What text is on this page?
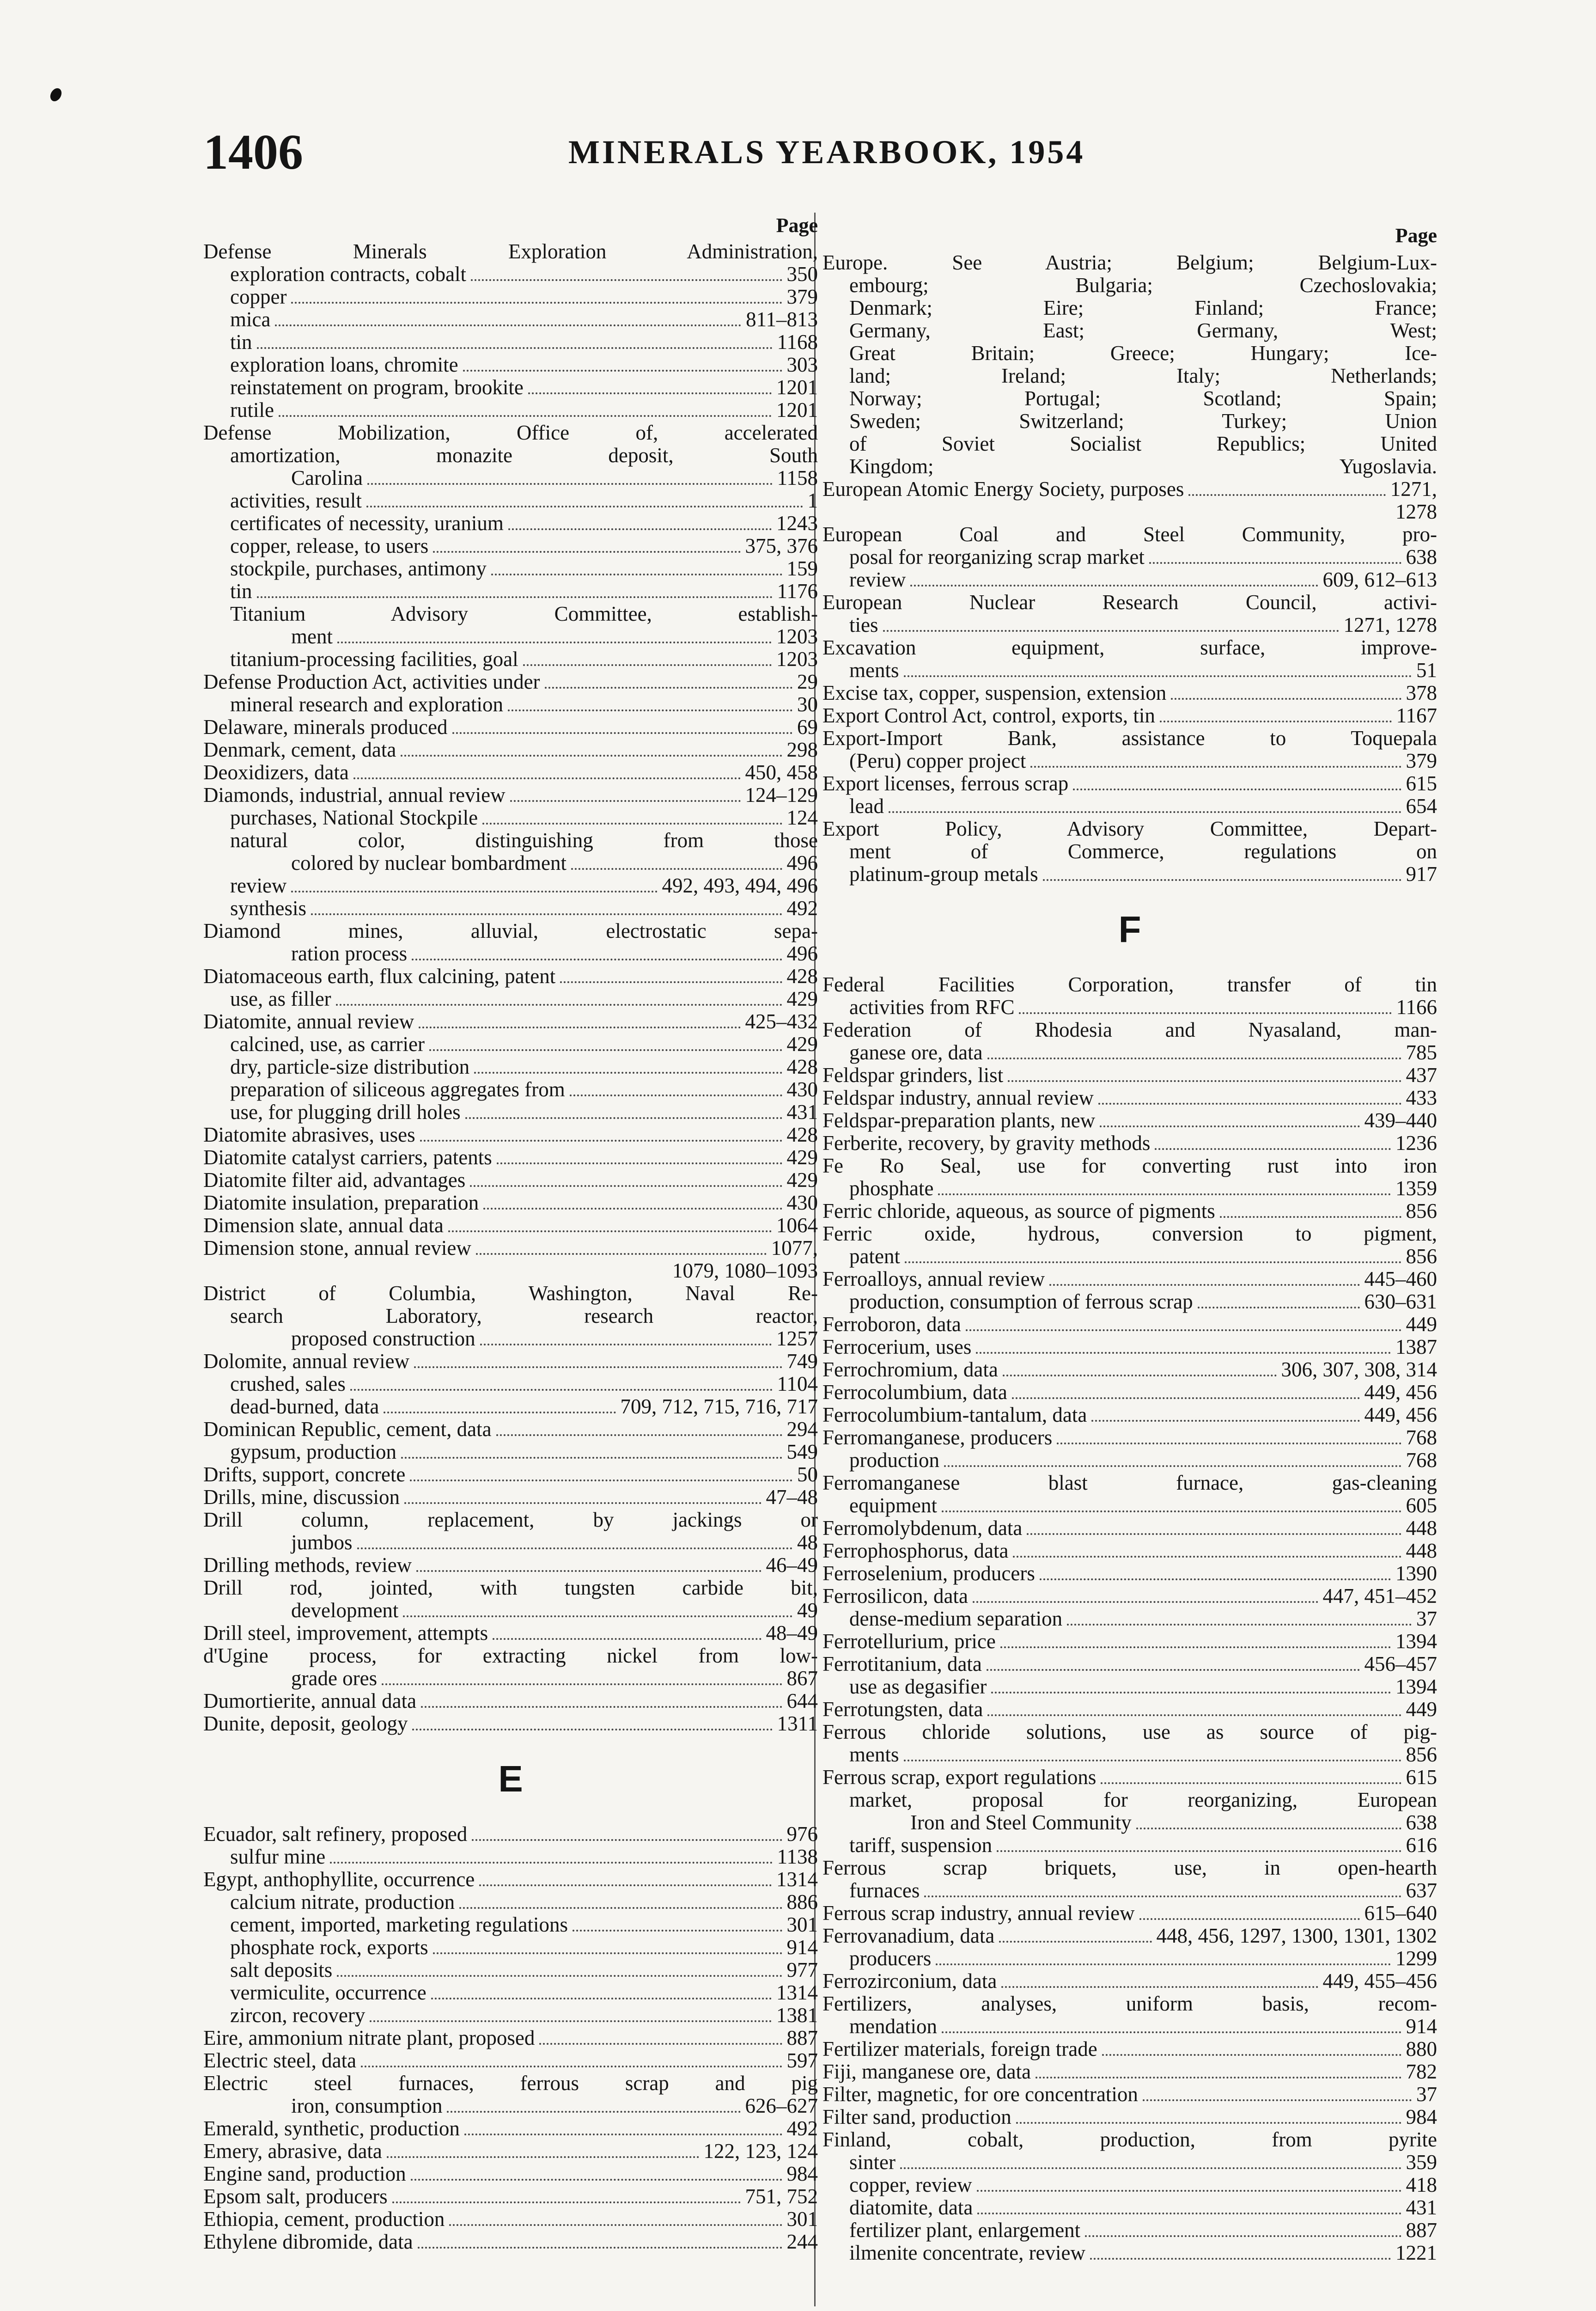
1406	MINERALS YEARBOOK, 1954
Page
Defense Minerals Exploration Administration,
exploration contracts, cobalt	350
copper	379
mica	811–813
tin	1168
exploration loans, chromite	303
reinstatement on program, brookite	1201
rutile	1201
Defense Mobilization, Office of, accelerated
amortization, monazite deposit, South
Carolina	1158
activities, result	1
certificates of necessity, uranium	1243
copper, release, to users	375, 376
stockpile, purchases, antimony	159
tin	1176
Titanium Advisory Committee, establish-
ment	1203
titanium-processing facilities, goal	1203
Defense Production Act, activities under	29
mineral research and exploration	30
Delaware, minerals produced	69
Denmark, cement, data	298
Deoxidizers, data	450, 458
Diamonds, industrial, annual review	124–129
purchases, National Stockpile	124
natural color, distinguishing from those
colored by nuclear bombardment	496
review	492, 493, 494, 496
synthesis	492
Diamond mines, alluvial, electrostatic sepa-
ration process	496
Diatomaceous earth, flux calcining, patent	428
use, as filler	429
Diatomite, annual review	425–432
calcined, use, as carrier	429
dry, particle-size distribution	428
preparation of siliceous aggregates from	430
use, for plugging drill holes	431
Diatomite abrasives, uses	428
Diatomite catalyst carriers, patents	429
Diatomite filter aid, advantages	429
Diatomite insulation, preparation	430
Dimension slate, annual data	1064
Dimension stone, annual review	1077,
1079, 1080–1093
District of Columbia, Washington, Naval Re-
search Laboratory, research reactor,
proposed construction	1257
Dolomite, annual review	749
crushed, sales	1104
dead-burned, data	709, 712, 715, 716, 717
Dominican Republic, cement, data	294
gypsum, production	549
Drifts, support, concrete	50
Drills, mine, discussion	47–48
Drill column, replacement, by jackings or
jumbos	48
Drilling methods, review	46–49
Drill rod, jointed, with tungsten carbide bit,
development	49
Drill steel, improvement, attempts	48–49
d'Ugine process, for extracting nickel from low-
grade ores	867
Dumortierite, annual data	644
Dunite, deposit, geology	1311
E
Ecuador, salt refinery, proposed	976
sulfur mine	1138
Egypt, anthophyllite, occurrence	1314
calcium nitrate, production	886
cement, imported, marketing regulations	301
phosphate rock, exports	914
salt deposits	977
vermiculite, occurrence	1314
zircon, recovery	1381
Eire, ammonium nitrate plant, proposed	887
Electric steel, data	597
Electric steel furnaces, ferrous scrap and pig
iron, consumption	626–627
Emerald, synthetic, production	492
Emery, abrasive, data	122, 123, 124
Engine sand, production	984
Epsom salt, producers	751, 752
Ethiopia, cement, production	301
Ethylene dibromide, data	244
Page
Europe. See Austria; Belgium; Belgium-Lux-
embourg; Bulgaria; Czechoslovakia;
Denmark; Eire; Finland; France;
Germany, East; Germany, West;
Great Britain; Greece; Hungary; Ice-
land; Ireland; Italy; Netherlands;
Norway; Portugal; Scotland; Spain;
Sweden; Switzerland; Turkey; Union
of Soviet Socialist Republics; United
Kingdom; Yugoslavia.
European Atomic Energy Society, purposes	1271,
1278
European Coal and Steel Community, pro-
posal for reorganizing scrap market	638
review	609, 612–613
European Nuclear Research Council, activi-
ties	1271, 1278
Excavation equipment, surface, improve-
ments	51
Excise tax, copper, suspension, extension	378
Export Control Act, control, exports, tin	1167
Export-Import Bank, assistance to Toquepala
(Peru) copper project	379
Export licenses, ferrous scrap	615
lead	654
Export Policy, Advisory Committee, Depart-
ment of Commerce, regulations on
platinum-group metals	917
F
Federal Facilities Corporation, transfer of tin
activities from RFC	1166
Federation of Rhodesia and Nyasaland, man-
ganese ore, data	785
Feldspar grinders, list	437
Feldspar industry, annual review	433
Feldspar-preparation plants, new	439–440
Ferberite, recovery, by gravity methods	1236
Fe Ro Seal, use for converting rust into iron
phosphate	1359
Ferric chloride, aqueous, as source of pigments	856
Ferric oxide, hydrous, conversion to pigment,
patent	856
Ferroalloys, annual review	445–460
production, consumption of ferrous scrap	630–631
Ferroboron, data	449
Ferrocerium, uses	1387
Ferrochromium, data	306, 307, 308, 314
Ferrocolumbium, data	449, 456
Ferrocolumbium-tantalum, data	449, 456
Ferromanganese, producers	768
production	768
Ferromanganese blast furnace, gas-cleaning
equipment	605
Ferromolybdenum, data	448
Ferrophosphorus, data	448
Ferroselenium, producers	1390
Ferrosilicon, data	447, 451–452
dense-medium separation	37
Ferrotellurium, price	1394
Ferrotitanium, data	456–457
use as degasifier	1394
Ferrotungsten, data	449
Ferrous chloride solutions, use as source of pig-
ments	856
Ferrous scrap, export regulations	615
market, proposal for reorganizing, European
Iron and Steel Community	638
tariff, suspension	616
Ferrous scrap briquets, use, in open-hearth
furnaces	637
Ferrous scrap industry, annual review	615–640
Ferrovanadium, data	448, 456, 1297, 1300, 1301, 1302
producers	1299
Ferrozirconium, data	449, 455–456
Fertilizers, analyses, uniform basis, recom-
mendation	914
Fertilizer materials, foreign trade	880
Fiji, manganese ore, data	782
Filter, magnetic, for ore concentration	37
Filter sand, production	984
Finland, cobalt, production, from pyrite
sinter	359
copper, review	418
diatomite, data	431
fertilizer plant, enlargement	887
ilmenite concentrate, review	1221
